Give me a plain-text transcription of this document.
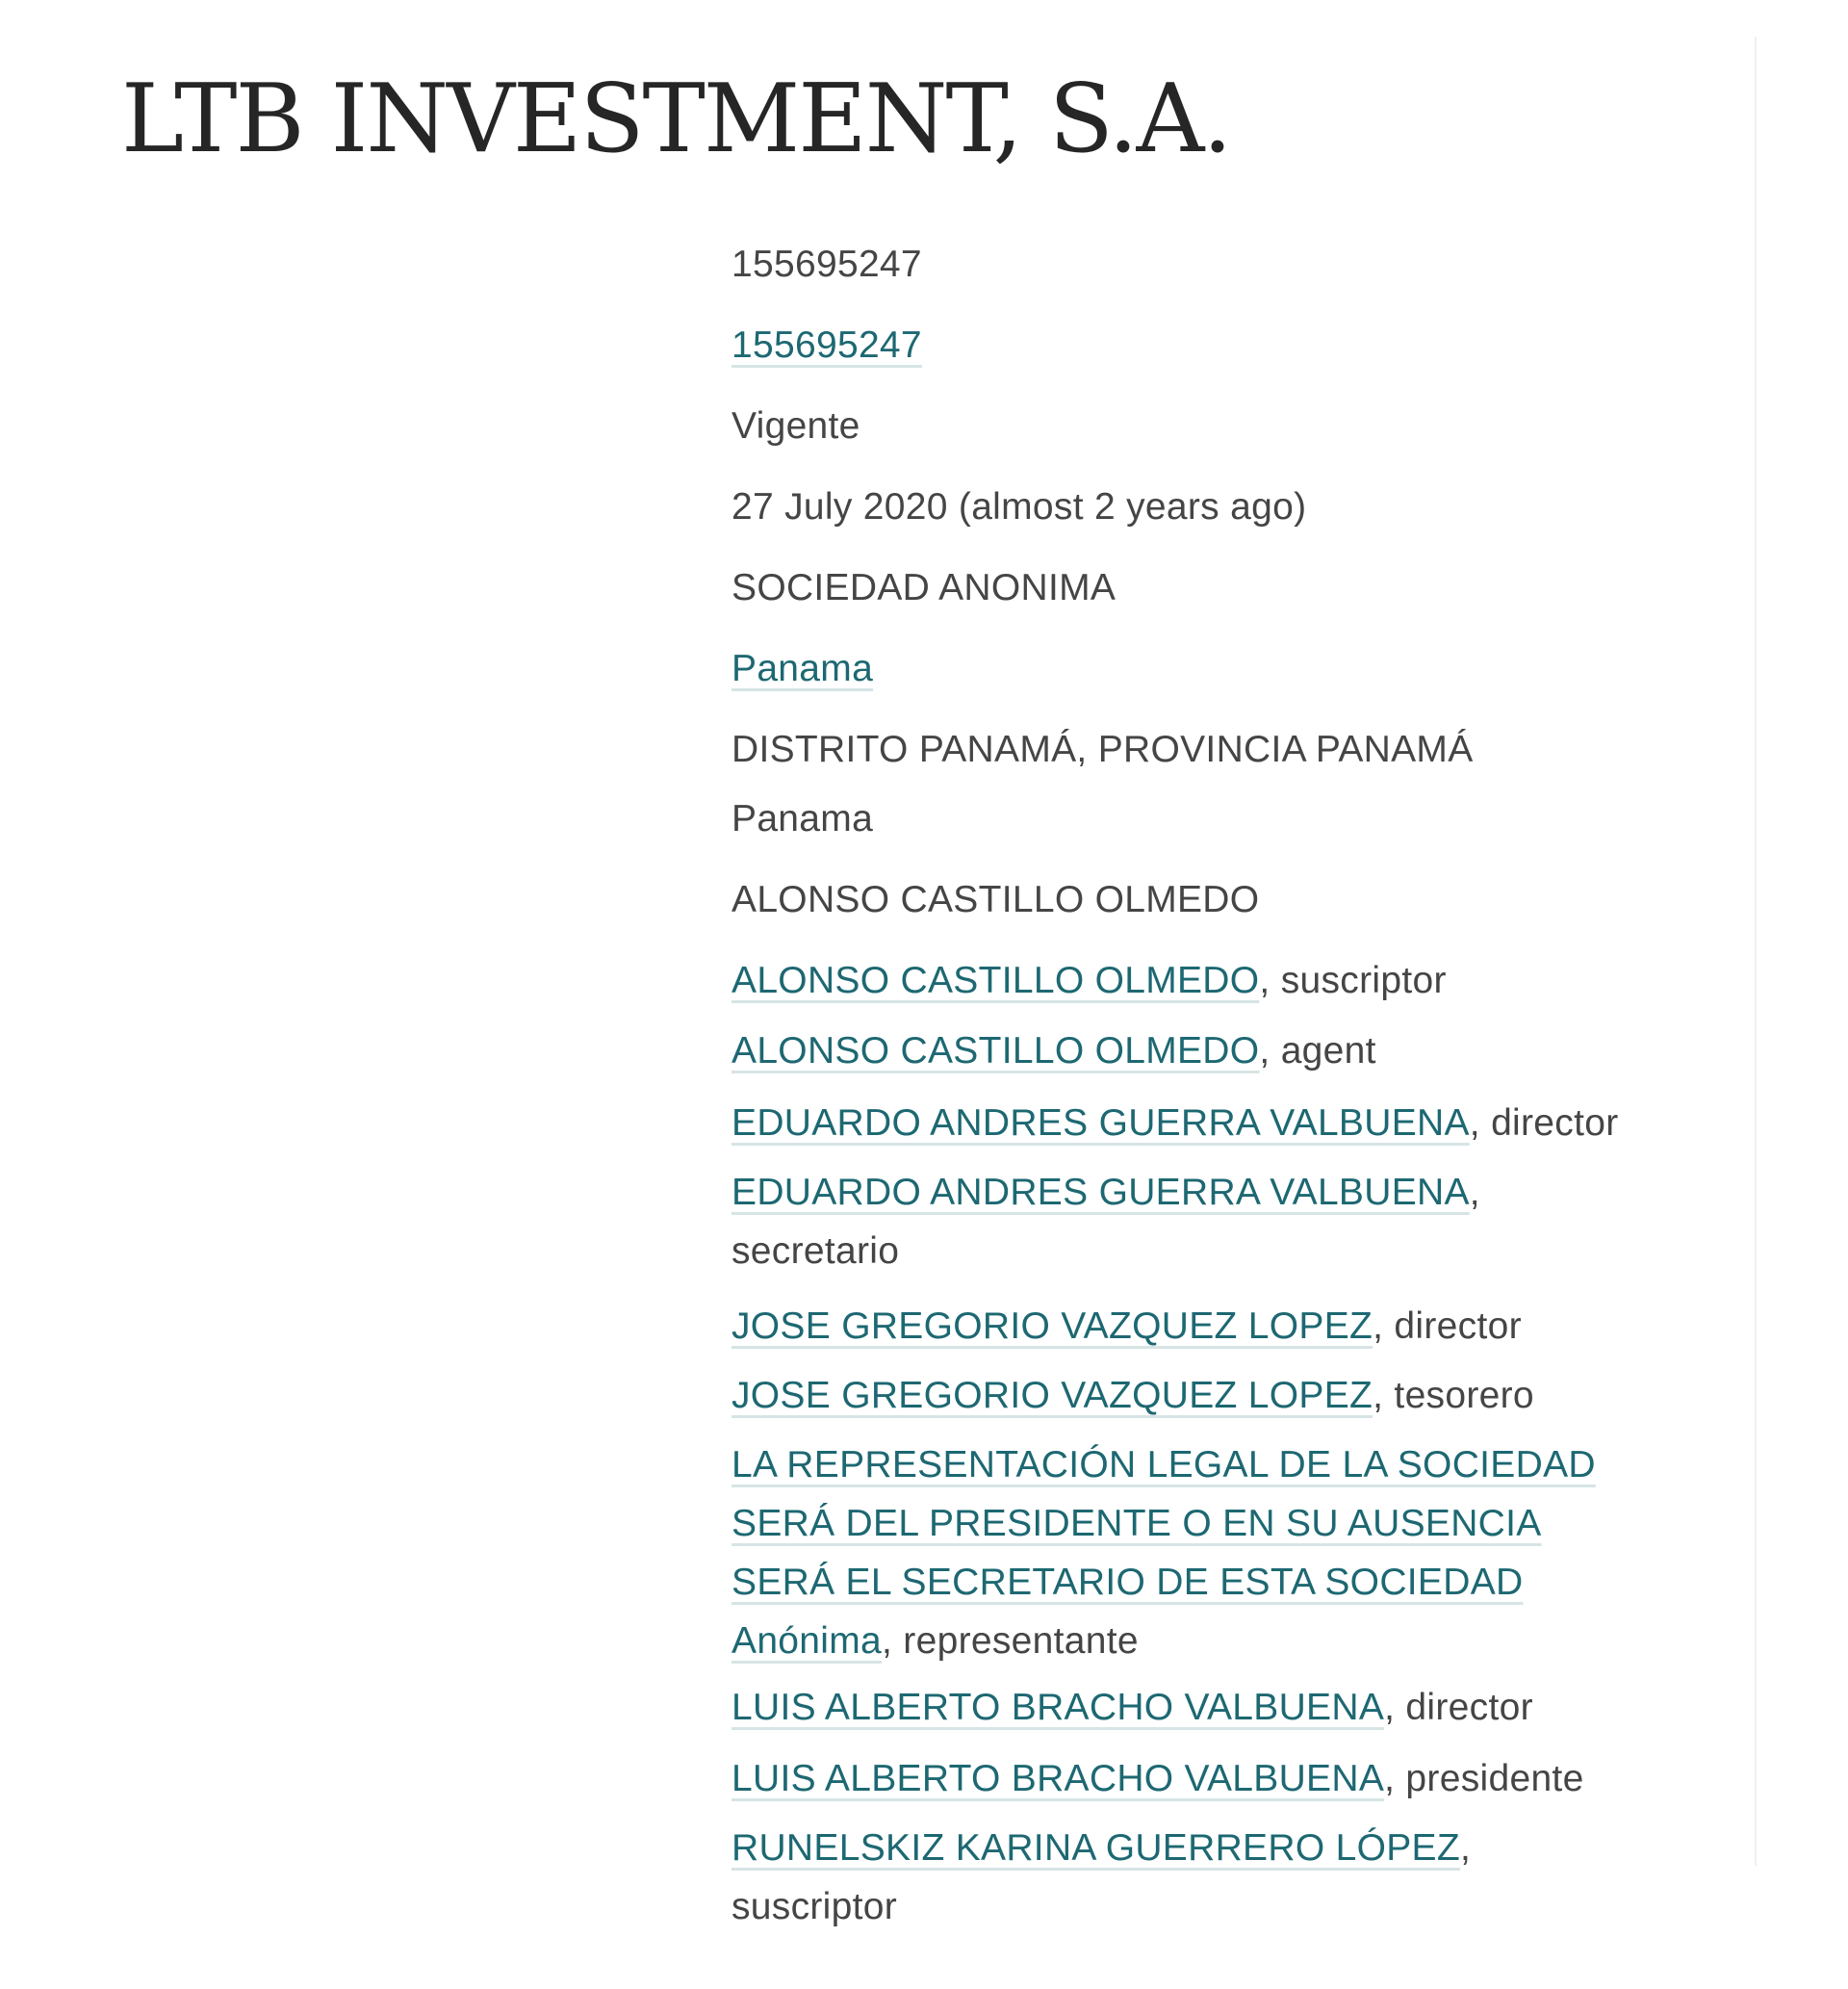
LTB INVESTMENT, S.A.
155695247
155695247
Vigente
27 July 2020 (almost 2 years ago)
SOCIEDAD ANONIMA
Panama
DISTRITO PANAMÁ, PROVINCIA PANAMÁ
Panama
ALONSO CASTILLO OLMEDO
ALONSO CASTILLO OLMEDO, suscriptor
ALONSO CASTILLO OLMEDO, agent
EDUARDO ANDRES GUERRA VALBUENA, director
EDUARDO ANDRES GUERRA VALBUENA,
secretario
JOSE GREGORIO VAZQUEZ LOPEZ, director
JOSE GREGORIO VAZQUEZ LOPEZ, tesorero
LA REPRESENTACIÓN LEGAL DE LA SOCIEDAD
SERÁ DEL PRESIDENTE O EN SU AUSENCIA
SERÁ EL SECRETARIO DE ESTA SOCIEDAD
Anónima, representante
LUIS ALBERTO BRACHO VALBUENA, director
LUIS ALBERTO BRACHO VALBUENA, presidente
RUNELSKIZ KARINA GUERRERO LÓPEZ,
suscriptor
